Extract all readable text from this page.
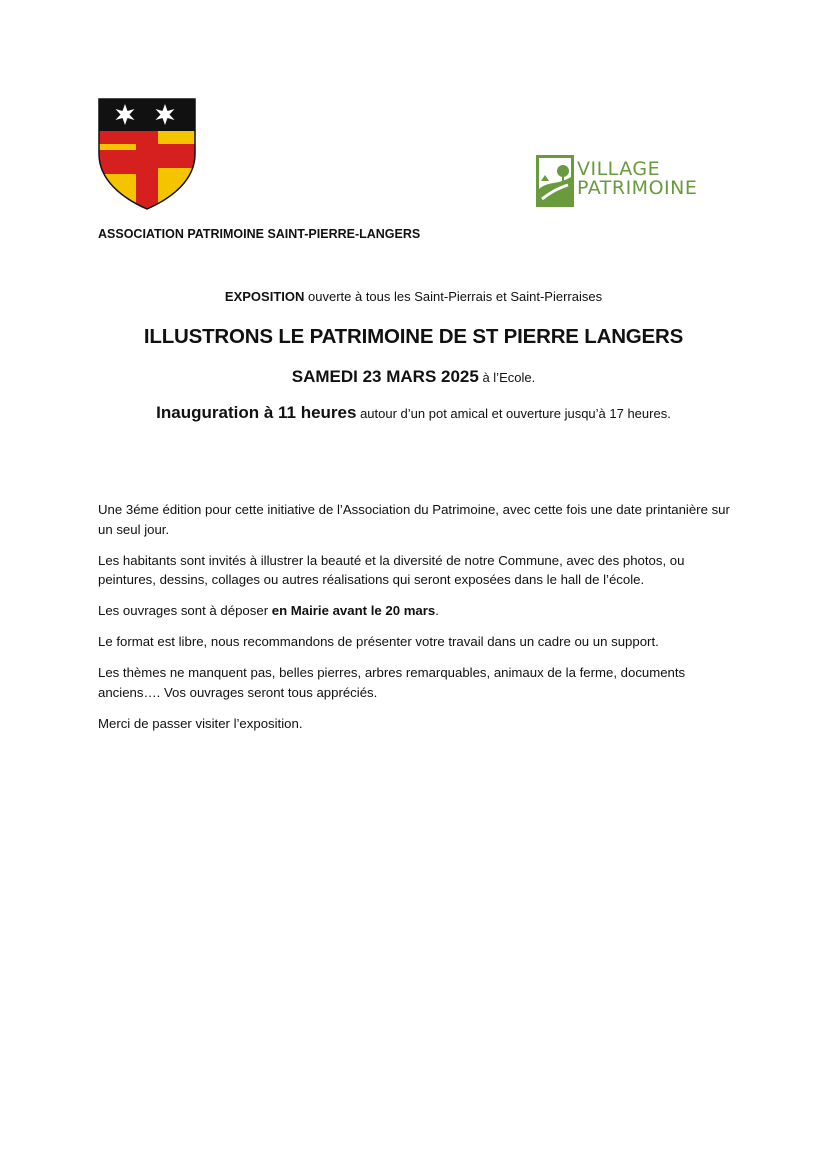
VILLAGE
PATRIMOINE
ASSOCIATION PATRIMOINE SAINT-PIERRE-LANGERS
EXPOSITION ouverte à tous les Saint-Pierrais et Saint-Pierraises
ILLUSTRONS LE PATRIMOINE DE ST PIERRE LANGERS
SAMEDI 23 MARS 2025 à l’Ecole.
Inauguration à 11 heures autour d’un pot amical et ouverture jusqu’à 17 heures.

Une 3éme édition pour cette initiative de l’Association du Patrimoine, avec cette fois une date printanière sur un seul jour.

Les habitants sont invités à illustrer la beauté et la diversité de notre Commune, avec des photos, ou peintures, dessins, collages ou autres réalisations qui seront exposées dans le hall de l’école.

Les ouvrages sont à déposer en Mairie avant le 20 mars.

Le format est libre, nous recommandons de présenter votre travail dans un cadre ou un support.

Les thèmes ne manquent pas, belles pierres, arbres remarquables, animaux de la ferme, documents anciens…. Vos ouvrages seront tous appréciés.

Merci de passer visiter l’exposition.
